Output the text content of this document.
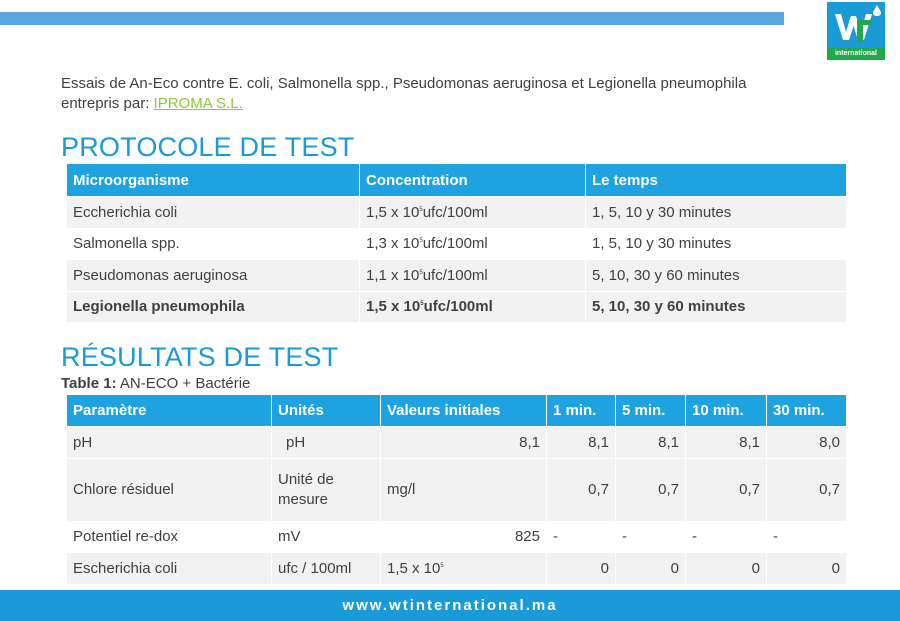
international

Essais de An-Eco contre E. coli, Salmonella spp., Pseudomonas aeruginosa et Legionella pneumophila entrepris par: IPROMA S.L.

PROTOCOLE DE TEST
Microorganisme	Concentration	Le temps
Eccherichia coli	1,5 x $10^5ufc/100ml$	1, 5, 10 y 30 minutes
Salmonella spp.	1,3 x $10^5ufc/100ml$	1, 5, 10 y 30 minutes
Pseudomonas aeruginosa	1,1 x $10^5ufc/100ml$	5, 10, 30 y 60 minutes
Legionella pneumophila	1,5 x $10^5ufc/100ml$	5, 10, 30 y 60 minutes
RÉSULTATS DE TEST
Table 1: AN-ECO + Bactérie
Paramètre	Unités	Valeurs initiales	1 min.	5 min.	10 min.	30 min.
pH	pH	8,1	8,1	8,1	8,1	8,0
Chlore résiduel	Unité de mesure	mg/l	0,7	0,7	0,7	0,7
Potentiel re-dox	mV	825	-	-	-	-
Escherichia coli	ufc / 100ml	1,5 x $10^5$	0	0	0	0
www.wtinternational.ma
